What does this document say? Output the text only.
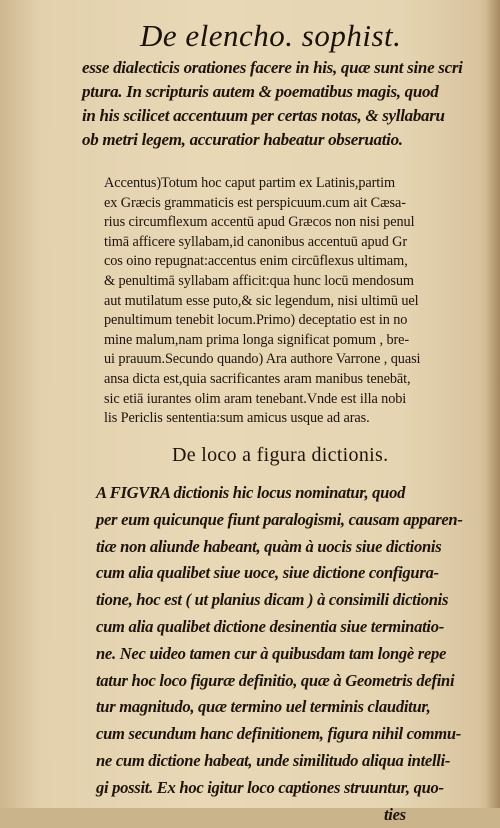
De elencho. sophist.
esse dialecticis orationes facere in his, quæ sunt sine scri
ptura. In scripturis autem & poematibus magis, quod
in his scilicet accentuum per certas notas, & syllabaru
ob metri legem, accuratior habeatur obseruatio.
Accentus)Totum hoc caput partim ex Latinis,partim
ex Græcis grammaticis est perspicuum.cum ait Cæsa-
rius circumflexum accentū apud Græcos non nisi penul
timā afficere syllabam,id canonibus accentuū apud Gr
cos oino repugnat:accentus enim circūflexus ultimam,
& penultimā syllabam afficit:qua hunc locū mendosum
aut mutilatum esse puto,& sic legendum, nisi ultimū uel
penultimum tenebit locum.Primo) deceptatio est in no
mine malum,nam prima longa significat pomum , bre-
ui prauum.Secundo quando) Ara authore Varrone , quasi
ansa dicta est,quia sacrificantes aram manibus tenebāt,
sic etiā iurantes olim aram tenebant.Vnde est illa nobi
lis Periclis sententia:sum amicus usque ad aras.
De loco a figura dictionis.
A FIGVRA dictionis hic locus nominatur, quod
per eum quicunque fiunt paralogismi, causam apparen-
tiæ non aliunde habeant, quàm à uocis siue dictionis
cum alia qualibet siue uoce, siue dictione configura-
tione, hoc est ( ut planius dicam ) à consimili dictionis
cum alia qualibet dictione desinentia siue terminatio-
ne. Nec uideo tamen cur à quibusdam tam longè repe
tatur hoc loco figuræ definitio, quæ à Geometris defini
tur magnitudo, quæ termino uel terminis clauditur,
cum secundum hanc definitionem, figura nihil commu-
ne cum dictione habeat, unde similitudo aliqua intelli-
gi possit. Ex hoc igitur loco captiones struuntur, quo-
ties
